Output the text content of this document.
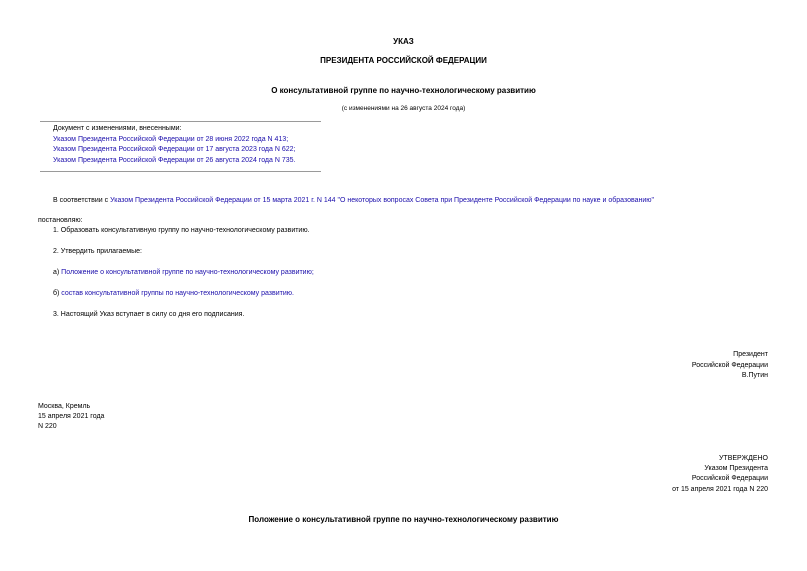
УКАЗ
ПРЕЗИДЕНТА РОССИЙСКОЙ ФЕДЕРАЦИИ
О консультативной группе по научно-технологическому развитию
(с изменениями на 26 августа 2024 года)
Документ с изменениями, внесенными:
Указом Президента Российской Федерации от 28 июня 2022 года N 413;
Указом Президента Российской Федерации от 17 августа 2023 года N 622;
Указом Президента Российской Федерации от 26 августа 2024 года N 735.
В соответствии с Указом Президента Российской Федерации от 15 марта 2021 г. N 144 "О некоторых вопросах Совета при Президенте Российской Федерации по науке и образованию"
постановляю:
1. Образовать консультативную группу по научно-технологическому развитию.
2. Утвердить прилагаемые:
а) Положение о консультативной группе по научно-технологическому развитию;
б) состав консультативной группы по научно-технологическому развитию.
3. Настоящий Указ вступает в силу со дня его подписания.
Президент
Российской Федерации
В.Путин
Москва, Кремль
15 апреля 2021 года
N 220
УТВЕРЖДЕНО
Указом Президента
Российской Федерации
от 15 апреля 2021 года N 220
Положение о консультативной группе по научно-технологическому развитию
